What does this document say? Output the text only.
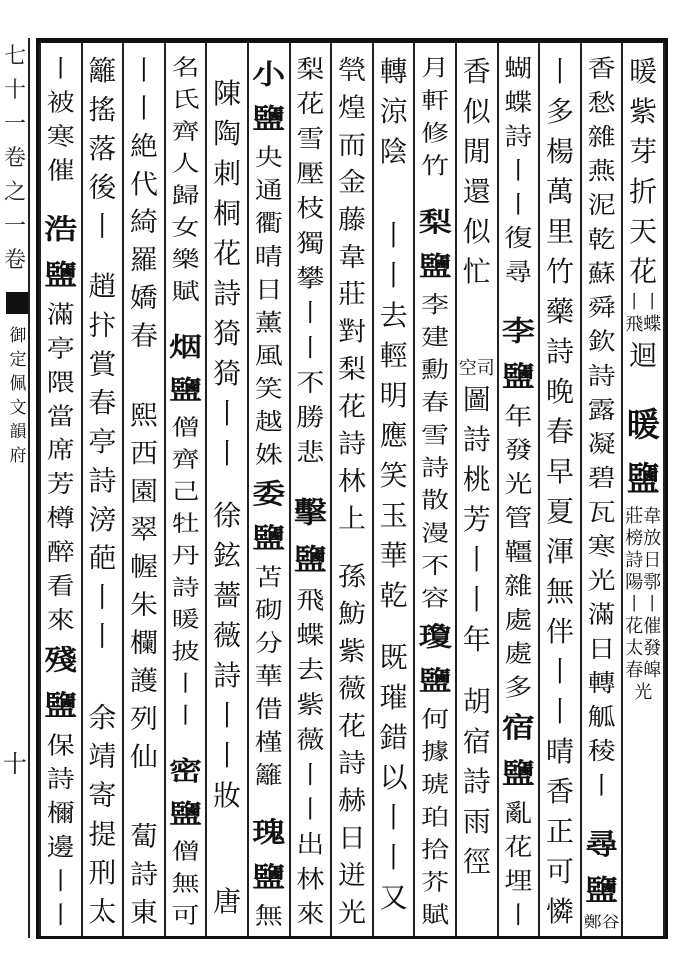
七
十
一
卷
之
一
卷
御
定
佩
文
韻
府
十
暖
紫
芽
折
天
花
丨 丨
飛 蝶
迴
暖
鹽
莊 韋
榜 放
詩 日
陽 鄠
丨 丨
花 催
太 發
春 皡
光
香
愁
雜
燕
泥
乾
蘇
舜
欽
詩
露
凝
碧
瓦
寒
光
滿
日
轉
觚
稜
丨
尋
鹽
鄭 谷
丨
多
楊
萬
里
竹
藥
詩
晚
春
早
夏
渾
無
伴
丨
丨
晴
香
正
可
憐
蝴
蝶
詩
丨
丨
復
尋
李
鹽
年
發
光
管
韁
雜
處
處
多
宿
鹽
亂
花
埋
丨
香
似
閒
還
似
忙
空 司
圖
詩
桃
芳
丨
丨
年
胡
宿
詩
雨
徑
月
軒
修
竹
梨
鹽
李
建
勳
春
雪
詩
散
漫
不
容
瓊
鹽
何
據
琥
珀
拾
芥
賦
轉
涼
陰
丨
丨
去
輕
明
應
笑
玉
華
乾
既
璀
錯
以
丨
丨
又
煢
煌
而
金
藤
韋
莊
對
梨
花
詩
林
上
孫
魴
紫
薇
花
詩
赫
日
迸
光
梨
花
雪
壓
枝
獨
攀
丨
丨
不
勝
悲
擊
鹽
飛
蝶
去
紫
薇
丨
丨
出
林
來
小
鹽
央
通
衢
晴
日
薰
風
笑
越
姝
委
鹽
苫
砌
分
華
借
槿
籬
瑰
鹽
無
陳
陶
刺
桐
花
詩
猗
猗
丨
丨
徐
鉉
薔
薇
詩
丨
丨
妝
唐
名
氏
齊
人
歸
女
樂
賦
烟
鹽
僧
齊
己
牡
丹
詩
暖
披
丨
丨
密
鹽
僧
無
可
丨
丨
絶
代
綺
羅
嬌
春
熙
西
園
翠
幄
朱
欄
護
列
仙
蔔
詩
東
籬
搖
落
後
丨
趙
抃
賞
春
亭
詩
滂
葩
丨
丨
余
靖
寄
提
刑
太
丨
被
寒
催
浩
鹽
滿
亭
隈
當
席
芳
樽
醉
看
來
殘
鹽
保
詩
檷
邊
丨
丨
